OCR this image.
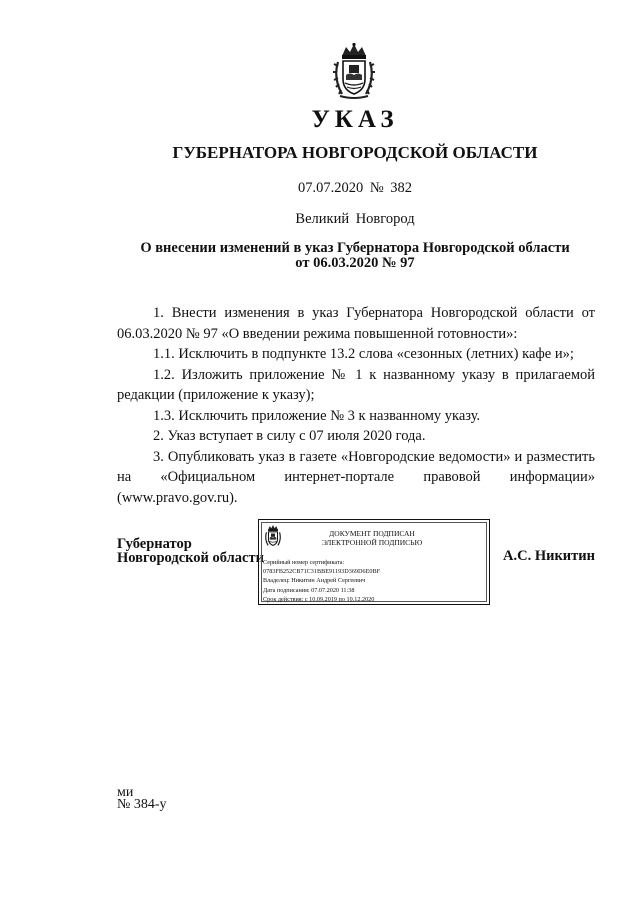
УКАЗ
ГУБЕРНАТОРА НОВГОРОДСКОЙ ОБЛАСТИ
07.07.2020 № 382
Великий Новгород
О внесении изменений в указ Губернатора Новгородской области
от 06.03.2020 № 97

1. Внести изменения в указ Губернатора Новгородской области от 06.03.2020 № 97 «О введении режима повышенной готовности»:

1.1. Исключить в подпункте 13.2 слова «сезонных (летних) кафе и»;

1.2. Изложить приложение № 1 к названному указу в прилагаемой редакции (приложение к указу);

1.3. Исключить приложение № 3 к названному указу.

2. Указ вступает в силу с 07 июля 2020 года.

3. Опубликовать указ в газете «Новгородские ведомости» и разместить на «Официальном интернет-портале правовой информации» (www.pravo.gov.ru).

Губернатор
Новгородской области
ДОКУМЕНТ ПОДПИСАН
ЭЛЕКТРОННОЙ ПОДПИСЬЮ
Серийный номер сертификата:
0783FB252CB71C31BBE91193D369D6E0BF
Владелец: Никитин Андрей Сергеевич
Дата подписания: 07.07.2020 11:38
Срок действия: с 10.09.2019 по 10.12.2020
А.С. Никитин
ми
№ 384-у
